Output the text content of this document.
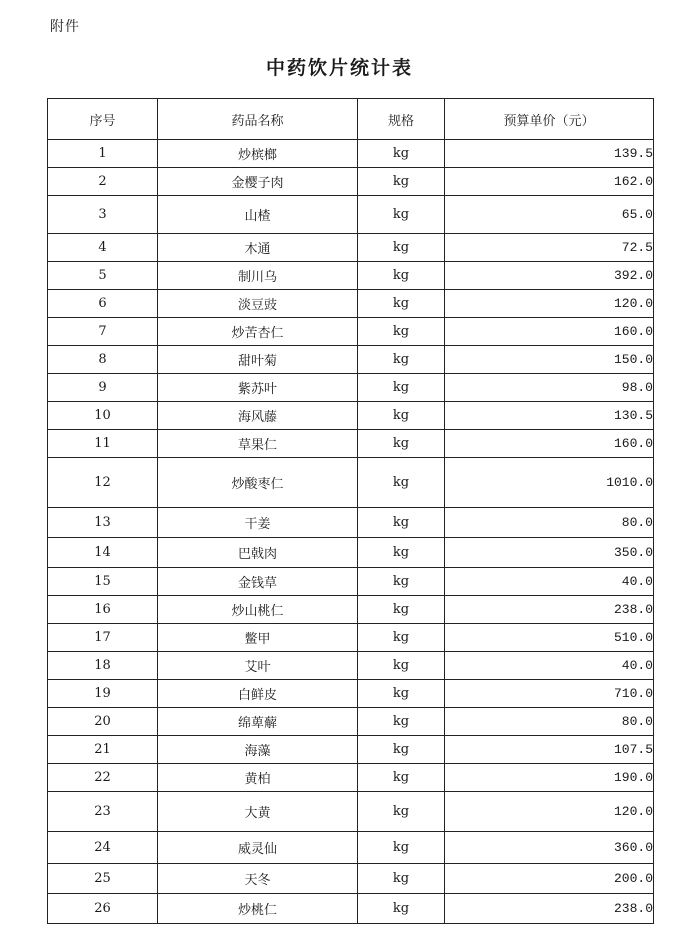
附件
中药饮片统计表
序号	药品名称	规格	预算单价（元）
1	炒槟榔	kg	139.5
2	金樱子肉	kg	162.0
3	山楂	kg	65.0
4	木通	kg	72.5
5	制川乌	kg	392.0
6	淡豆豉	kg	120.0
7	炒苦杏仁	kg	160.0
8	甜叶菊	kg	150.0
9	紫苏叶	kg	98.0
10	海风藤	kg	130.5
11	草果仁	kg	160.0
12	炒酸枣仁	kg	1010.0
13	干姜	kg	80.0
14	巴戟肉	kg	350.0
15	金钱草	kg	40.0
16	炒山桃仁	kg	238.0
17	鳖甲	kg	510.0
18	艾叶	kg	40.0
19	白鲜皮	kg	710.0
20	绵萆薢	kg	80.0
21	海藻	kg	107.5
22	黄柏	kg	190.0
23	大黄	kg	120.0
24	威灵仙	kg	360.0
25	天冬	kg	200.0
26	炒桃仁	kg	238.0
